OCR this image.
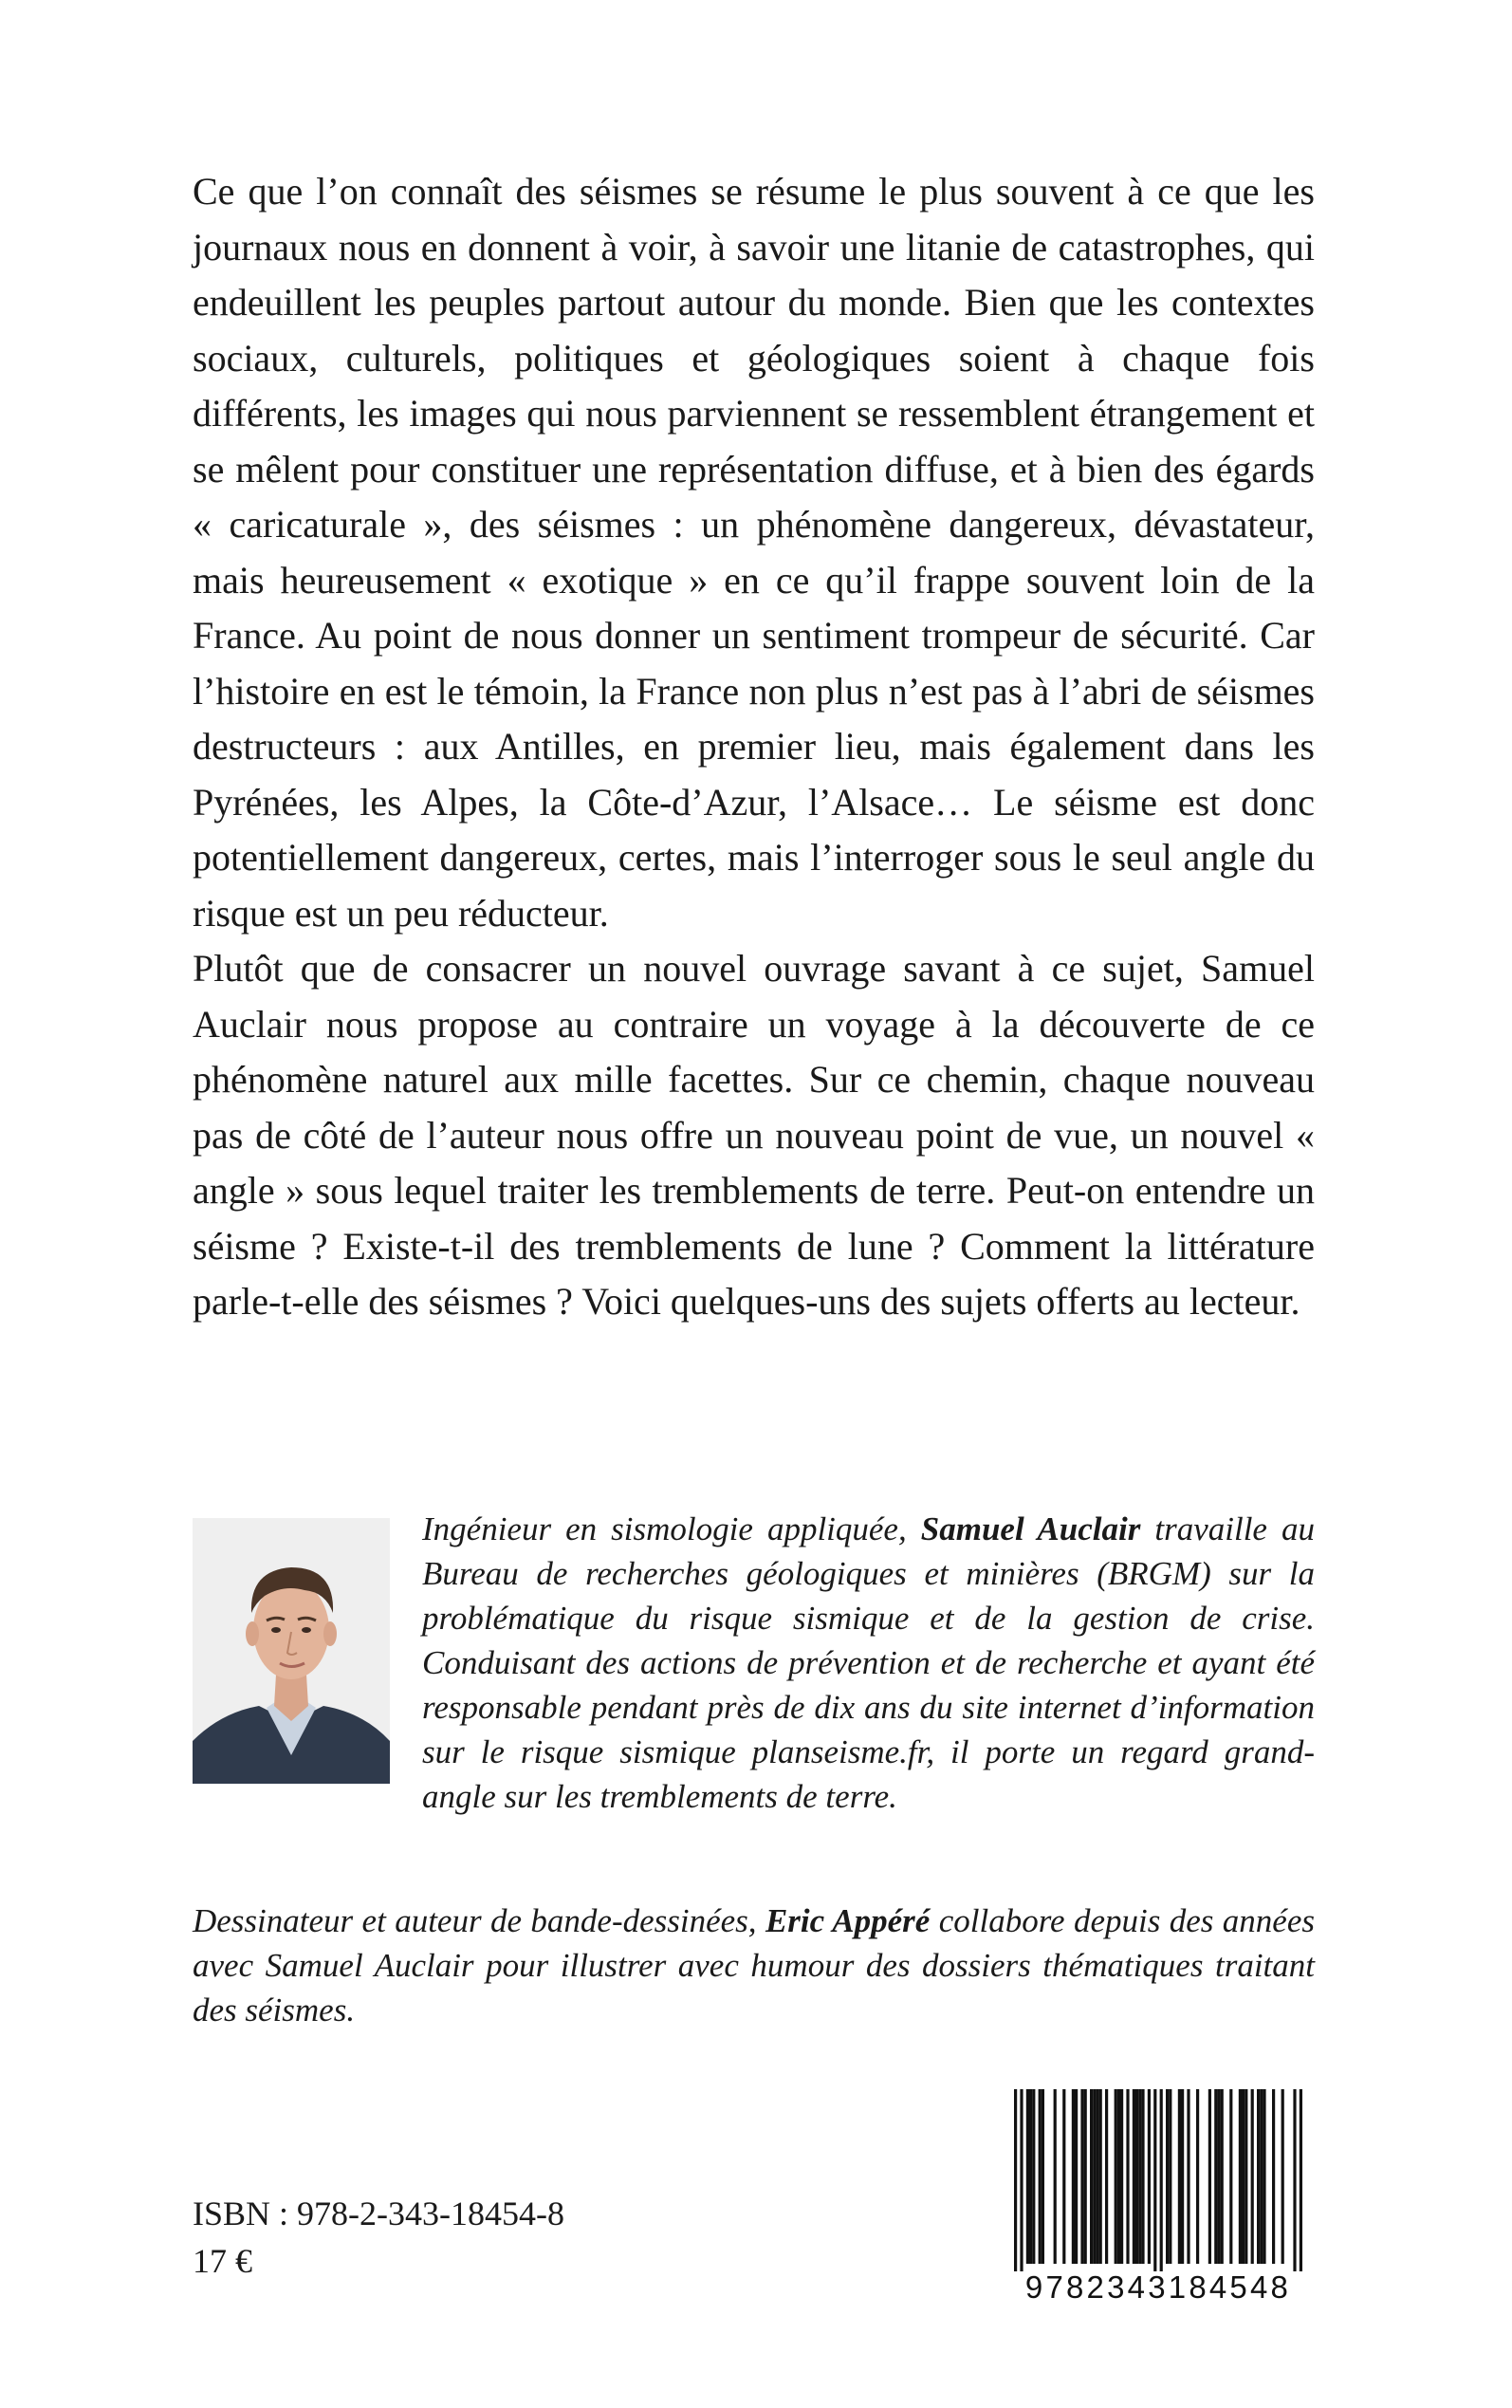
Ce que l’on connaît des séismes se résume le plus souvent à ce que les journaux nous en donnent à voir, à savoir une litanie de catastrophes, qui endeuillent les peuples partout autour du monde. Bien que les contextes sociaux, culturels, politiques et géologiques soient à chaque fois différents, les images qui nous parviennent se ressemblent étrangement et se mêlent pour constituer une représentation diffuse, et à bien des égards « caricaturale », des séismes : un phénomène dangereux, dévastateur, mais heureusement « exotique » en ce qu’il frappe souvent loin de la France. Au point de nous donner un sentiment trompeur de sécurité. Car l’histoire en est le témoin, la France non plus n’est pas à l’abri de séismes destructeurs : aux Antilles, en premier lieu, mais également dans les Pyrénées, les Alpes, la Côte-d’Azur, l’Alsace… Le séisme est donc potentiellement dangereux, certes, mais l’interroger sous le seul angle du risque est un peu réducteur.

Plutôt que de consacrer un nouvel ouvrage savant à ce sujet, Samuel Auclair nous propose au contraire un voyage à la découverte de ce phénomène naturel aux mille facettes. Sur ce chemin, chaque nouveau pas de côté de l’auteur nous offre un nouveau point de vue, un nouvel « angle » sous lequel traiter les tremblements de terre. Peut-on entendre un séisme ? Existe-t-il des tremblements de lune ? Comment la littérature parle-t-elle des séismes ? Voici quelques-uns des sujets offerts au lecteur.

Ingénieur en sismologie appliquée, Samuel Auclair travaille au Bureau de recherches géologiques et minières (BRGM) sur la problématique du risque sismique et de la gestion de crise. Conduisant des actions de prévention et de recherche et ayant été responsable pendant près de dix ans du site internet d’information sur le risque sismique planseisme.fr, il porte un regard grand-angle sur les tremblements de terre.

Dessinateur et auteur de bande-dessinées, Eric Appéré collabore depuis des années avec Samuel Auclair pour illustrer avec humour des dossiers thématiques traitant des séismes.

ISBN : 978-2-343-18454-8
17 €
9782343184548
